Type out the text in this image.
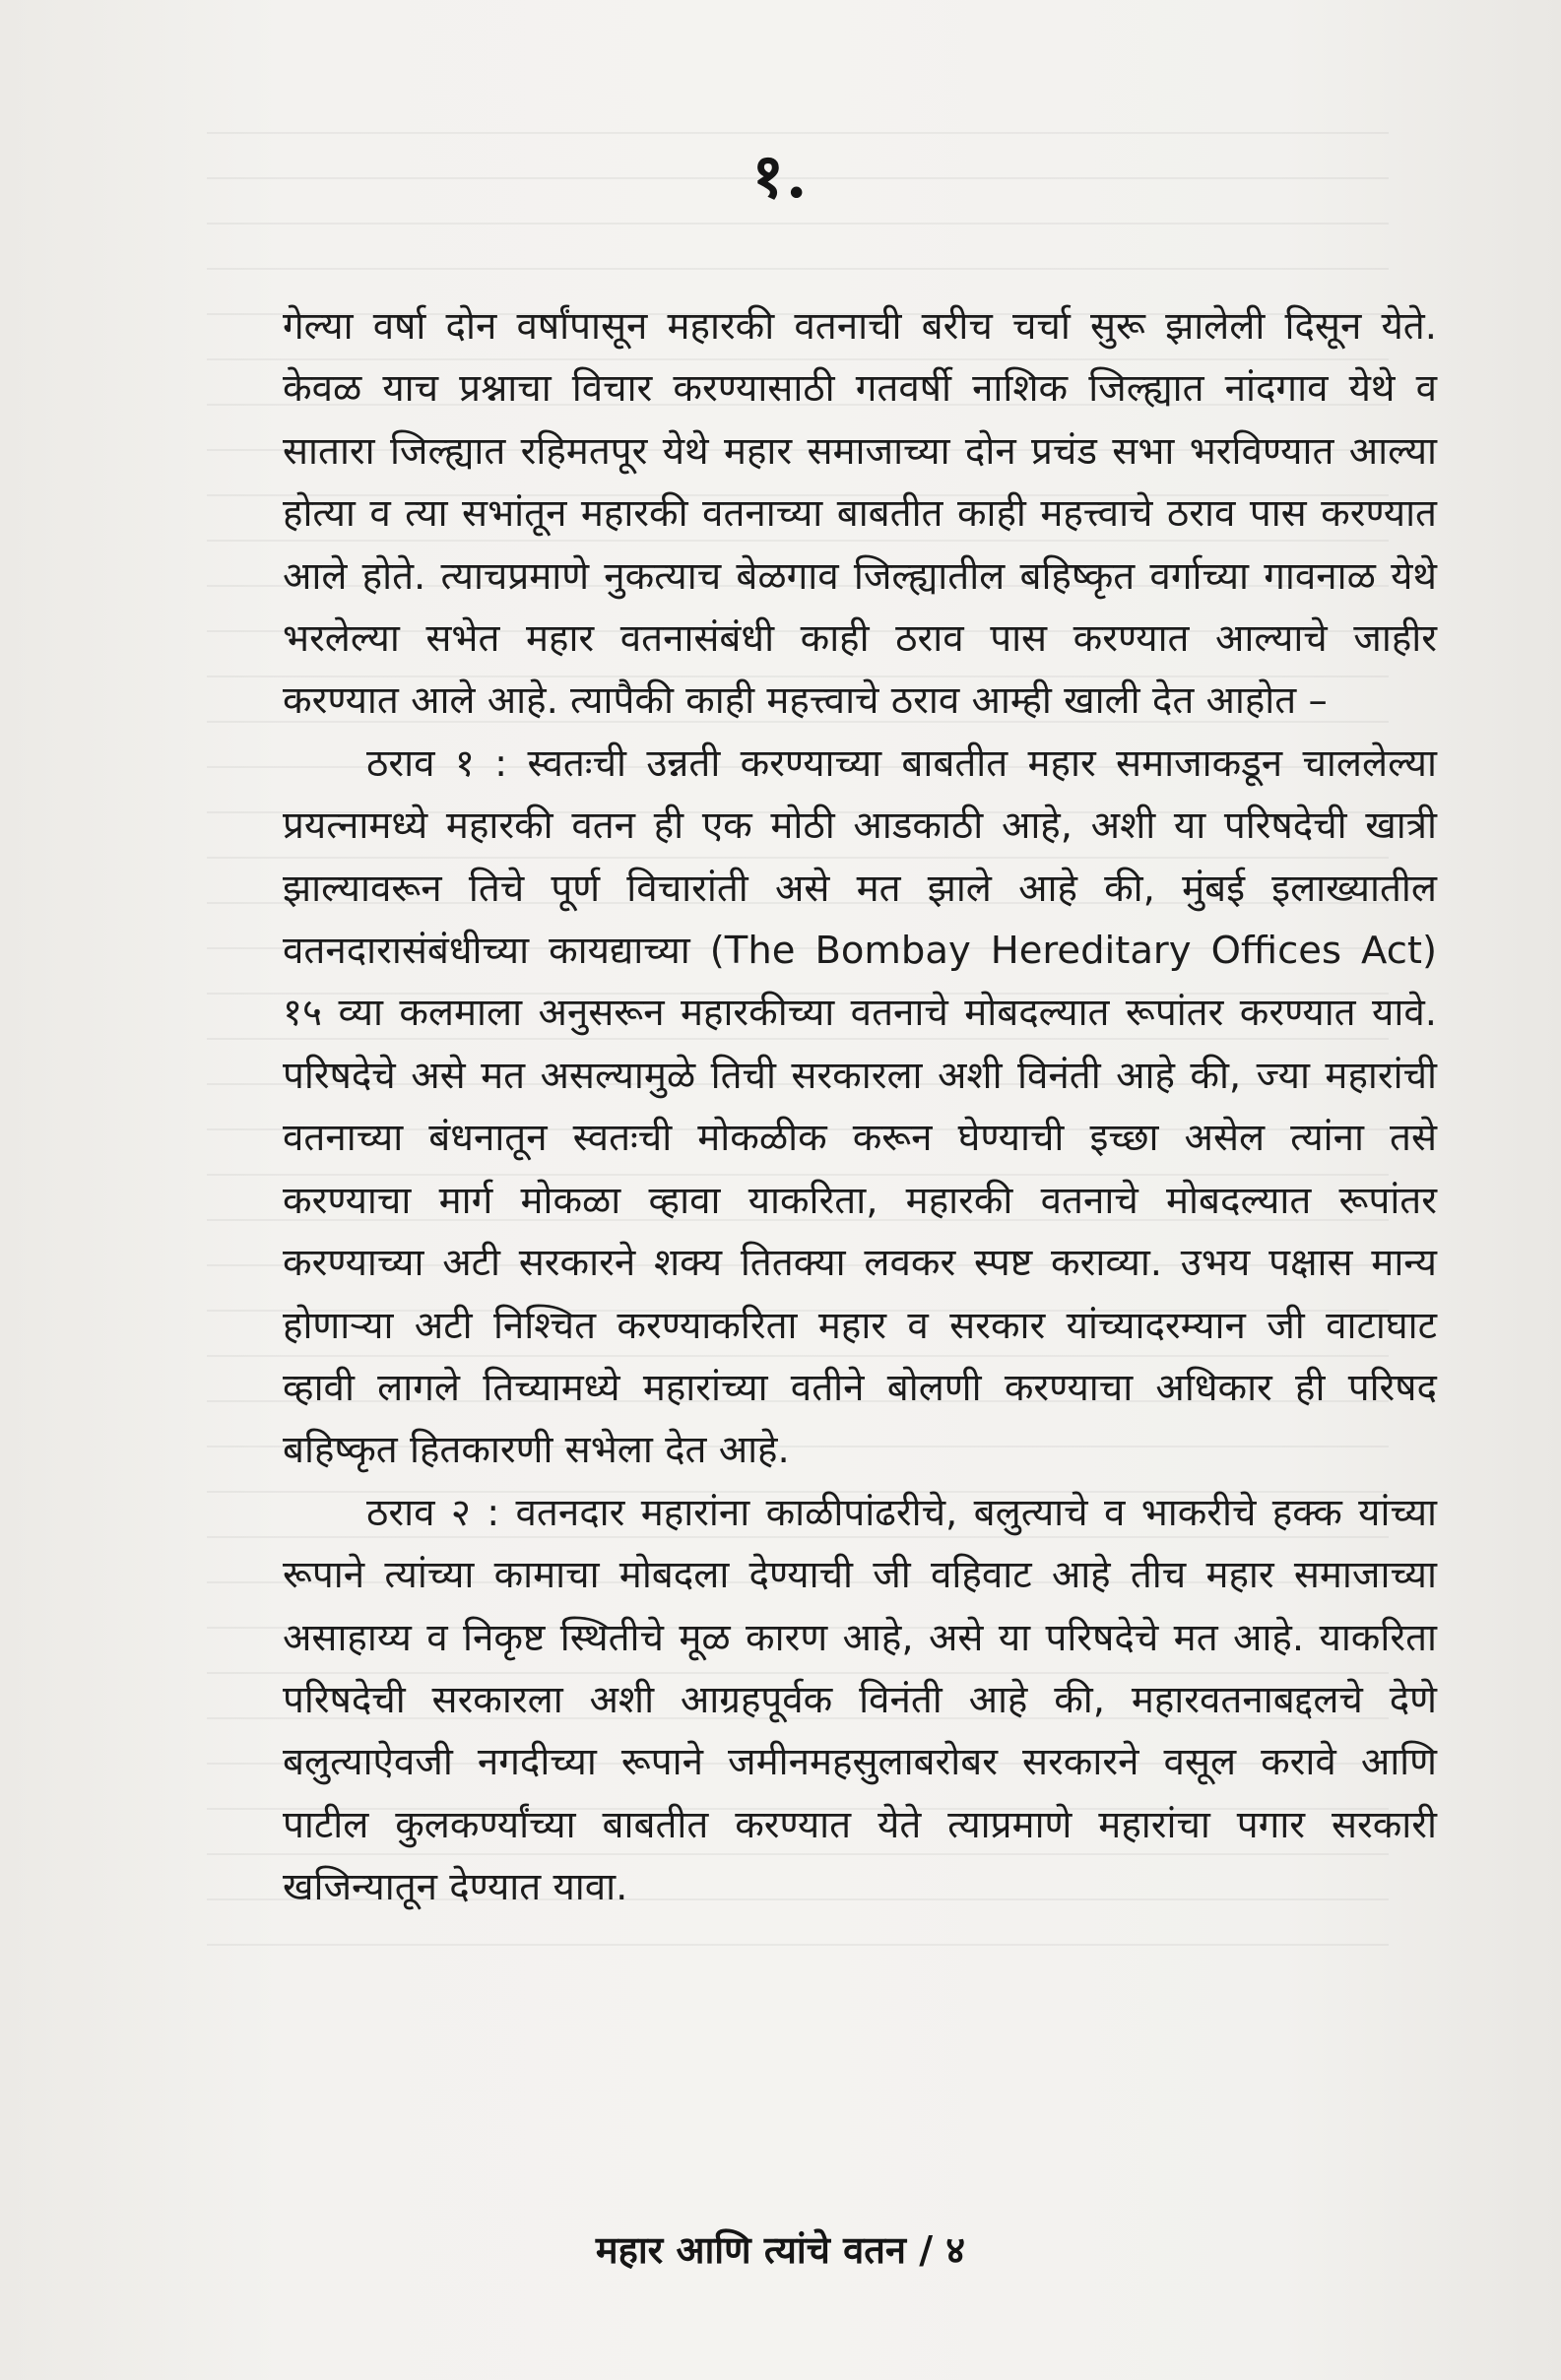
१.

गेल्या वर्षा दोन वर्षांपासून महारकी वतनाची बरीच चर्चा सुरू झालेली दिसून येते. केवळ याच प्रश्नाचा विचार करण्यासाठी गतवर्षी नाशिक जिल्ह्यात नांदगाव येथे व सातारा जिल्ह्यात रहिमतपूर येथे महार समाजाच्या दोन प्रचंड सभा भरविण्यात आल्या होत्या व त्या सभांतून महारकी वतनाच्या बाबतीत काही महत्त्वाचे ठराव पास करण्यात आले होते. त्याचप्रमाणे नुकत्याच बेळगाव जिल्ह्यातील बहिष्कृत वर्गाच्या गावनाळ येथे भरलेल्या सभेत महार वतनासंबंधी काही ठराव पास करण्यात आल्याचे जाहीर करण्यात आले आहे. त्यापैकी काही महत्त्वाचे ठराव आम्ही खाली देत आहोत –

ठराव १ : स्वतःची उन्नती करण्याच्या बाबतीत महार समाजाकडून चाललेल्या प्रयत्नामध्ये महारकी वतन ही एक मोठी आडकाठी आहे, अशी या परिषदेची खात्री झाल्यावरून तिचे पूर्ण विचारांती असे मत झाले आहे की, मुंबई इलाख्यातील वतनदारासंबंधीच्या कायद्याच्या (The Bombay Hereditary Offices Act) १५ व्या कलमाला अनुसरून महारकीच्या वतनाचे मोबदल्यात रूपांतर करण्यात यावे. परिषदेचे असे मत असल्यामुळे तिची सरकारला अशी विनंती आहे की, ज्या महारांची वतनाच्या बंधनातून स्वतःची मोकळीक करून घेण्याची इच्छा असेल त्यांना तसे करण्याचा मार्ग मोकळा व्हावा याकरिता, महारकी वतनाचे मोबदल्यात रूपांतर करण्याच्या अटी सरकारने शक्य तितक्या लवकर स्पष्ट कराव्या. उभय पक्षास मान्य होणाऱ्या अटी निश्चित करण्याकरिता महार व सरकार यांच्यादरम्यान जी वाटाघाट व्हावी लागले तिच्यामध्ये महारांच्या वतीने बोलणी करण्याचा अधिकार ही परिषद बहिष्कृत हितकारणी सभेला देत आहे.

ठराव २ : वतनदार महारांना काळीपांढरीचे, बलुत्याचे व भाकरीचे हक्क यांच्या रूपाने त्यांच्या कामाचा मोबदला देण्याची जी वहिवाट आहे तीच महार समाजाच्या असाहाय्य व निकृष्ट स्थितीचे मूळ कारण आहे, असे या परिषदेचे मत आहे. याकरिता परिषदेची सरकारला अशी आग्रहपूर्वक विनंती आहे की, महारवतनाबद्दलचे देणे बलुत्याऐवजी नगदीच्या रूपाने जमीनमहसुलाबरोबर सरकारने वसूल करावे आणि पाटील कुलकर्ण्यांच्या बाबतीत करण्यात येते त्याप्रमाणे महारांचा पगार सरकारी खजिन्यातून देण्यात यावा.

महार आणि त्यांचे वतन / ४
